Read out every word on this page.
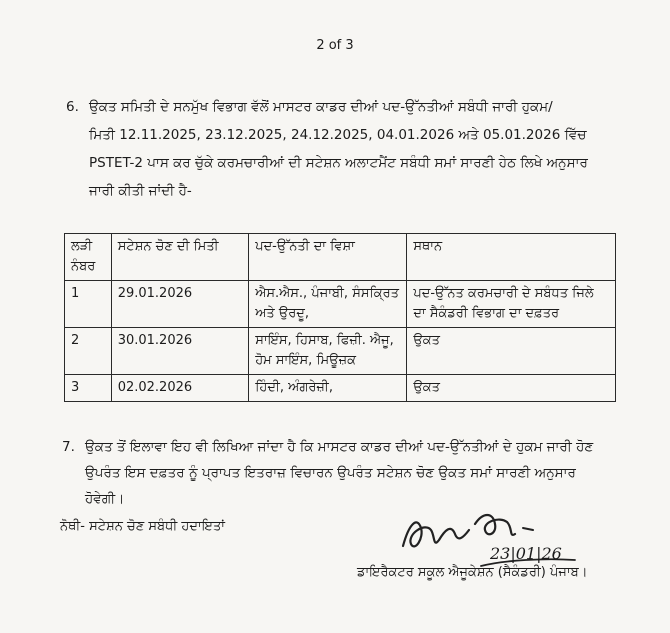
2 of 3
6. ਉਕਤ ਸਮਿਤੀ ਦੇ ਸਨਮੁੱਖ ਵਿਭਾਗ ਵੱਲੋਂ ਮਾਸਟਰ ਕਾਡਰ ਦੀਆਂ ਪਦ-ਉੱਨਤੀਆਂ ਸਬੰਧੀ ਜਾਰੀ ਹੁਕਮ/
ਮਿਤੀ 12.11.2025, 23.12.2025, 24.12.2025, 04.01.2026 ਅਤੇ 05.01.2026 ਵਿੱਚ
PSTET-2 ਪਾਸ ਕਰ ਚੁੱਕੇ ਕਰਮਚਾਰੀਆਂ ਦੀ ਸਟੇਸ਼ਨ ਅਲਾਟਮੈਂਟ ਸਬੰਧੀ ਸਮਾਂ ਸਾਰਣੀ ਹੇਠ ਲਿਖੇ ਅਨੁਸਾਰ
ਜਾਰੀ ਕੀਤੀ ਜਾਂਦੀ ਹੈ-
ਲੜੀ ਨੰਬਰ	ਸਟੇਸ਼ਨ ਚੋਣ ਦੀ ਮਿਤੀ	ਪਦ-ਉੱਨਤੀ ਦਾ ਵਿਸ਼ਾ	ਸਥਾਨ
1	29.01.2026	ਐਸ.ਐਸ., ਪੰਜਾਬੀ, ਸੰਸਕ੍ਰਿਤ ਅਤੇ ਉਰਦੂ,	ਪਦ-ਉੱਨਤ ਕਰਮਚਾਰੀ ਦੇ ਸਬੰਧਤ ਜਿਲੇ ਦਾ ਸੈਕੰਡਰੀ ਵਿਭਾਗ ਦਾ ਦਫ਼ਤਰ
2	30.01.2026	ਸਾਇੰਸ, ਹਿਸਾਬ, ਫਿਜ਼ੀ. ਐਜੂ, ਹੋਮ ਸਾਇੰਸ, ਮਿਊਜ਼ਕ	ਉਕਤ
3	02.02.2026	ਹਿੰਦੀ, ਅੰਗਰੇਜ਼ੀ,	ਉਕਤ
7. ਉਕਤ ਤੋਂ ਇਲਾਵਾ ਇਹ ਵੀ ਲਿਖਿਆ ਜਾਂਦਾ ਹੈ ਕਿ ਮਾਸਟਰ ਕਾਡਰ ਦੀਆਂ ਪਦ-ਉੱਨਤੀਆਂ ਦੇ ਹੁਕਮ ਜਾਰੀ ਹੋਣ
ਉਪਰੰਤ ਇਸ ਦਫ਼ਤਰ ਨੂੰ ਪ੍ਰਾਪਤ ਇਤਰਾਜ਼ ਵਿਚਾਰਨ ਉਪਰੰਤ ਸਟੇਸ਼ਨ ਚੋਣ ਉਕਤ ਸਮਾਂ ਸਾਰਣੀ ਅਨੁਸਾਰ
ਹੋਵੇਗੀ।
ਨੋਥੀ- ਸਟੇਸ਼ਨ ਚੋਣ ਸਬੰਧੀ ਹਦਾਇਤਾਂ
23|01|26
ਡਾਇਰੈਕਟਰ ਸਕੂਲ ਐਜੂਕੇਸ਼ਨ (ਸੈਕੰਡਰੀ) ਪੰਜਾਬ।
